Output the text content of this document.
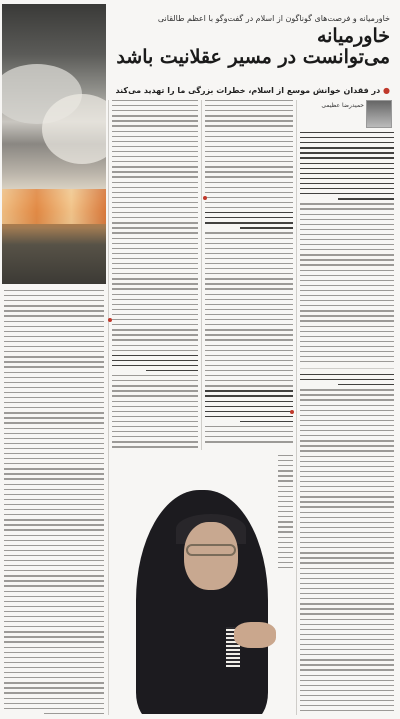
خاورمیانه و فرصت‌های گوناگون از اسلام در گفت‌وگو با اعظم طالقانی
خاورمیانه
می‌توانست در مسیر عقلانیت باشد
● در فقدان خوانش موسع از اسلام، خطرات بزرگی ما را تهدید می‌کند
حمیدرضا عظیمی
